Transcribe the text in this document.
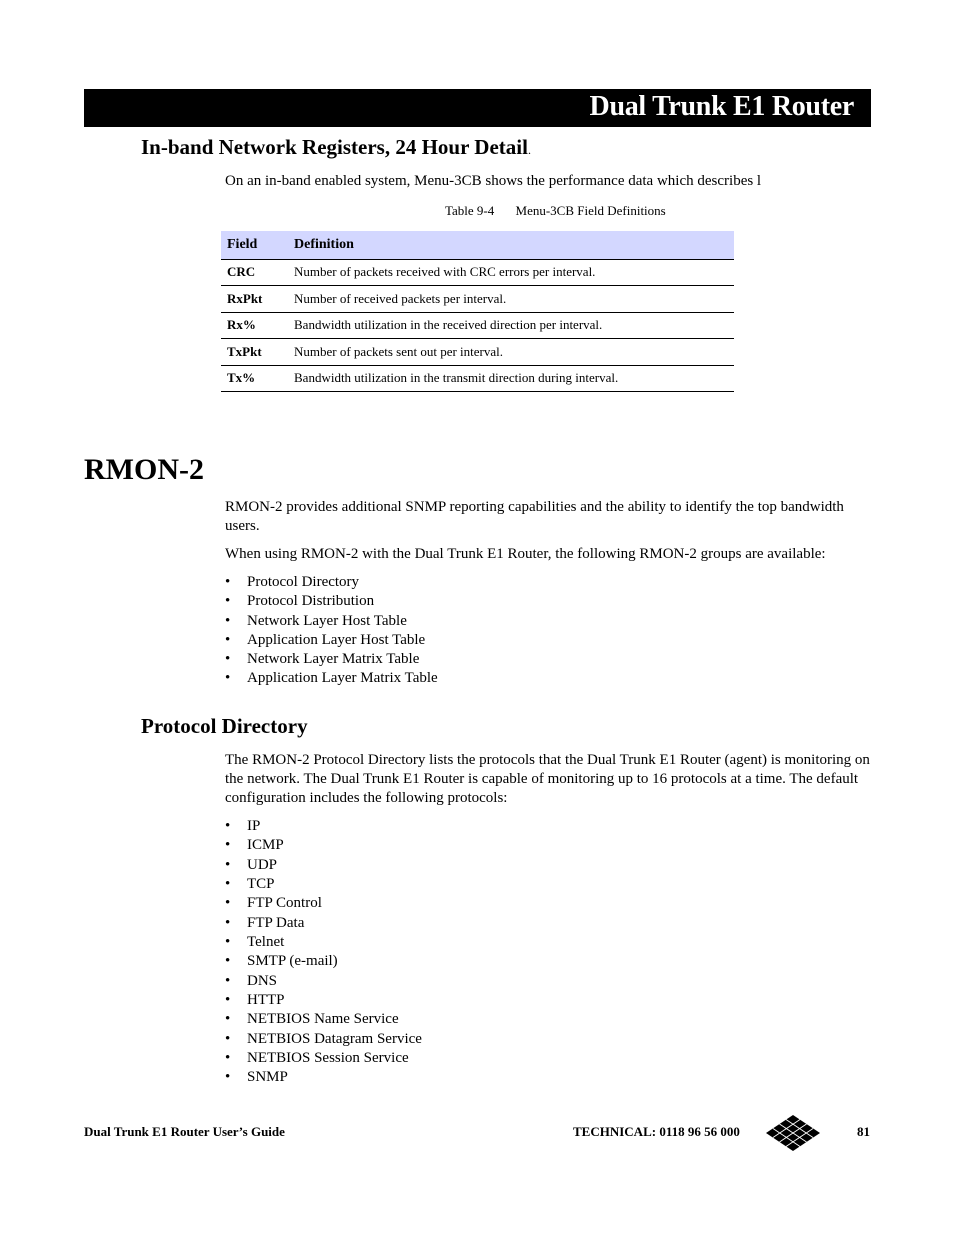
Dual Trunk E1 Router
In-band Network Registers, 24 Hour Detail.
On an in-band enabled system, Menu-3CB shows the performance data which describes l
Table 9-4 Menu-3CB Field Definitions
Field	Definition
CRC	Number of packets received with CRC errors per interval.
RxPkt	Number of received packets per interval.
Rx%	Bandwidth utilization in the received direction per interval.
TxPkt	Number of packets sent out per interval.
Tx%	Bandwidth utilization in the transmit direction during interval.
RMON-2
RMON-2 provides additional SNMP reporting capabilities and the ability to identify the top bandwidth users.
When using RMON-2 with the Dual Trunk E1 Router, the following RMON-2 groups are available:
• Protocol Directory
• Protocol Distribution
• Network Layer Host Table
• Application Layer Host Table
• Network Layer Matrix Table
• Application Layer Matrix Table
Protocol Directory
The RMON-2 Protocol Directory lists the protocols that the Dual Trunk E1 Router (agent) is monitoring on the network. The Dual Trunk E1 Router is capable of monitoring up to 16 protocols at a time. The default configuration includes the following protocols:
• IP
• ICMP
• UDP
• TCP
• FTP Control
• FTP Data
• Telnet
• SMTP (e-mail)
• DNS
• HTTP
• NETBIOS Name Service
• NETBIOS Datagram Service
• NETBIOS Session Service
• SNMP
Dual Trunk E1 Router User’s Guide	TECHNICAL: 0118 96 56 000	81
